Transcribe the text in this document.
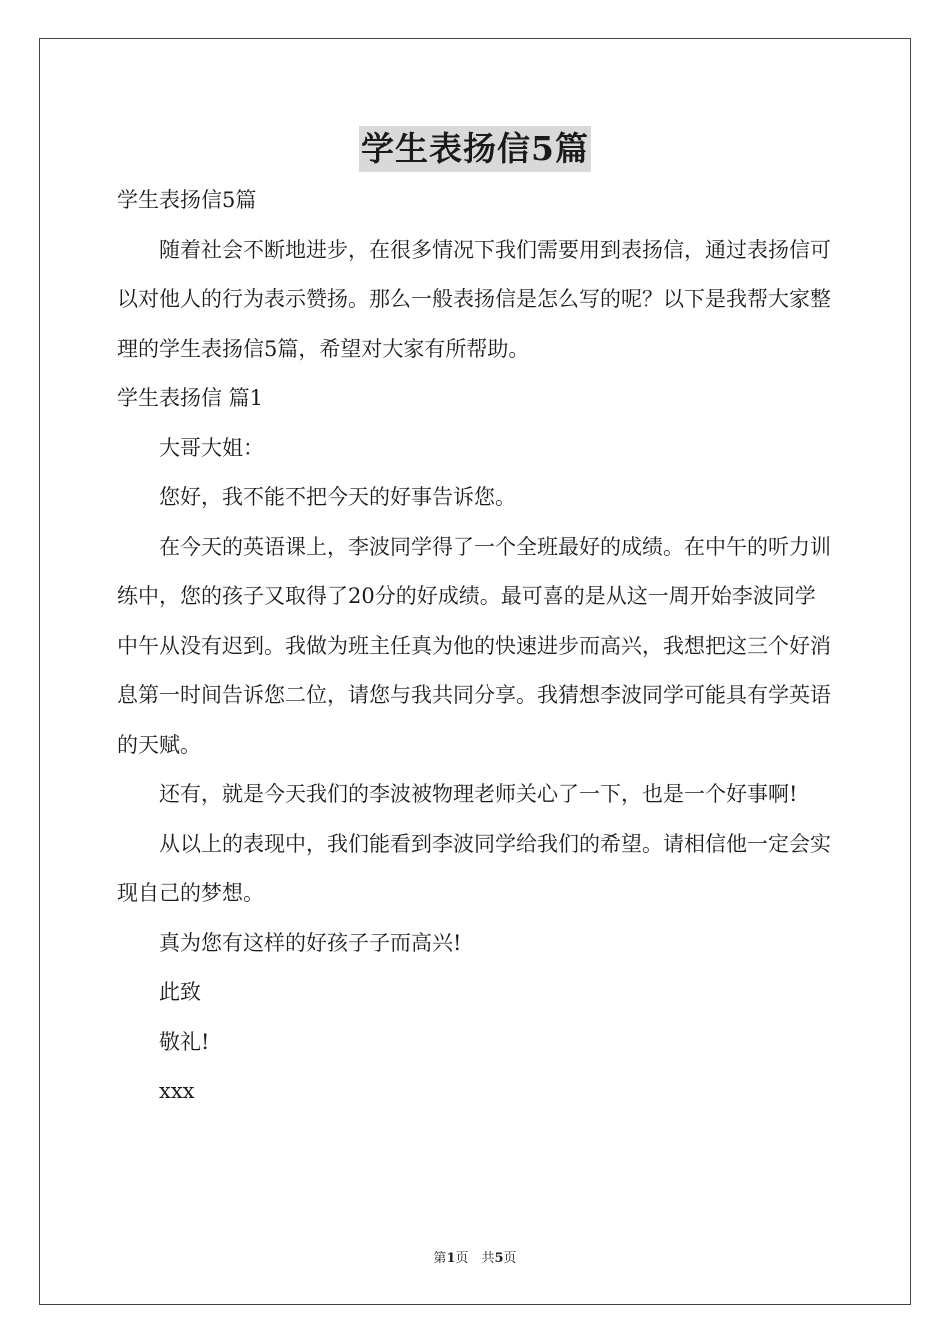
学生表扬信5篇

学生表扬信5篇

随着社会不断地进步，在很多情况下我们需要用到表扬信，通过表扬信可以对他人的行为表示赞扬。那么一般表扬信是怎么写的呢？以下是我帮大家整理的学生表扬信5篇，希望对大家有所帮助。

学生表扬信 篇1

大哥大姐：

您好，我不能不把今天的好事告诉您。

在今天的英语课上，李波同学得了一个全班最好的成绩。在中午的听力训练中，您的孩子又取得了20分的好成绩。最可喜的是从这一周开始李波同学中午从没有迟到。我做为班主任真为他的快速进步而高兴，我想把这三个好消息第一时间告诉您二位，请您与我共同分享。我猜想李波同学可能具有学英语的天赋。

还有，就是今天我们的李波被物理老师关心了一下，也是一个好事啊!

从以上的表现中，我们能看到李波同学给我们的希望。请相信他一定会实现自己的梦想。

真为您有这样的好孩子子而高兴!

此致

敬礼!

xxx

第1页　共5页
